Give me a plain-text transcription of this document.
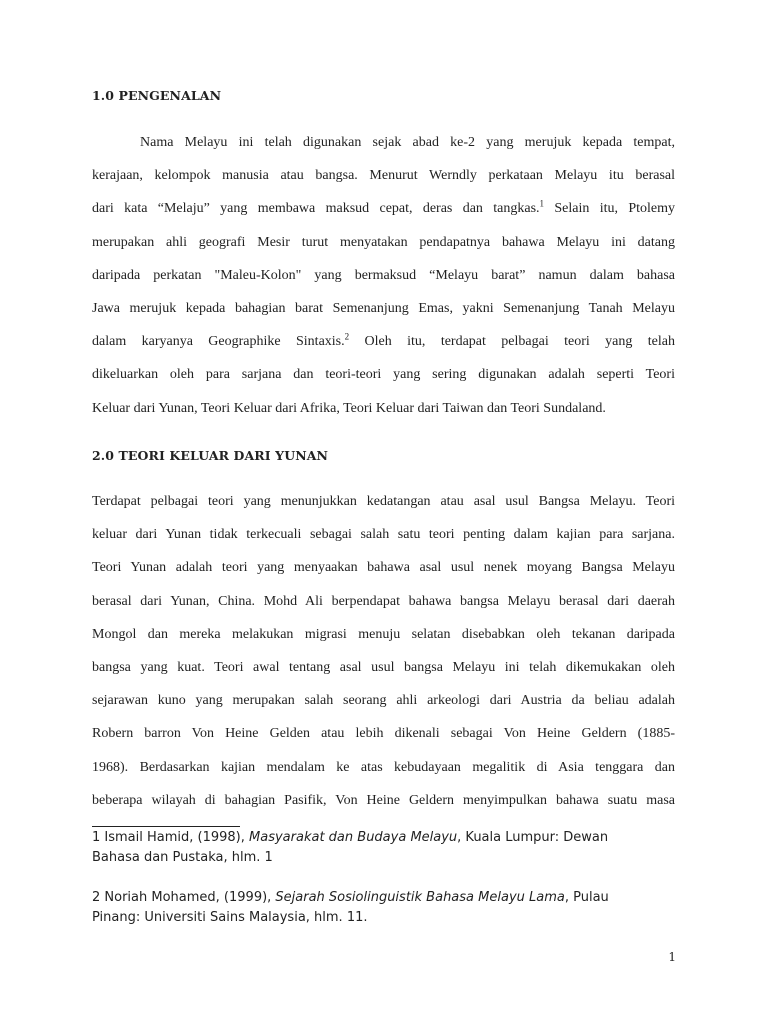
1.0 PENGENALAN

Nama Melayu ini telah digunakan sejak abad ke-2 yang merujuk kepada tempat,
kerajaan, kelompok manusia atau bangsa. Menurut Werndly perkataan Melayu itu berasal
dari kata “Melaju” yang membawa maksud cepat, deras dan tangkas.$^1$ Selain itu, Ptolemy
merupakan ahli geografi Mesir turut menyatakan pendapatnya bahawa Melayu ini datang
daripada perkatan "Maleu-Kolon" yang bermaksud “Melayu barat” namun dalam bahasa
Jawa merujuk kepada bahagian barat Semenanjung Emas, yakni Semenanjung Tanah Melayu
dalam karyanya Geographike Sintaxis.$^2$ Oleh itu, terdapat pelbagai teori yang telah
dikeluarkan oleh para sarjana dan teori-teori yang sering digunakan adalah seperti Teori
Keluar dari Yunan, Teori Keluar dari Afrika, Teori Keluar dari Taiwan dan Teori Sundaland.

2.0 TEORI KELUAR DARI YUNAN

Terdapat pelbagai teori yang menunjukkan kedatangan atau asal usul Bangsa Melayu. Teori
keluar dari Yunan tidak terkecuali sebagai salah satu teori penting dalam kajian para sarjana.
Teori Yunan adalah teori yang menyaakan bahawa asal usul nenek moyang Bangsa Melayu
berasal dari Yunan, China. Mohd Ali berpendapat bahawa bangsa Melayu berasal dari daerah
Mongol dan mereka melakukan migrasi menuju selatan disebabkan oleh tekanan daripada
bangsa yang kuat. Teori awal tentang asal usul bangsa Melayu ini telah dikemukakan oleh
sejarawan kuno yang merupakan salah seorang ahli arkeologi dari Austria da beliau adalah
Robern barron Von Heine Gelden atau lebih dikenali sebagai Von Heine Geldern (1885-
1968). Berdasarkan kajian mendalam ke atas kebudayaan megalitik di Asia tenggara dan
beberapa wilayah di bahagian Pasifik, Von Heine Geldern menyimpulkan bahawa suatu masa

1 Ismail Hamid, (1998), Masyarakat dan Budaya Melayu, Kuala Lumpur: Dewan
Bahasa dan Pustaka, hlm. 1

2 Noriah Mohamed, (1999), Sejarah Sosiolinguistik Bahasa Melayu Lama, Pulau
Pinang: Universiti Sains Malaysia, hlm. 11.

1
